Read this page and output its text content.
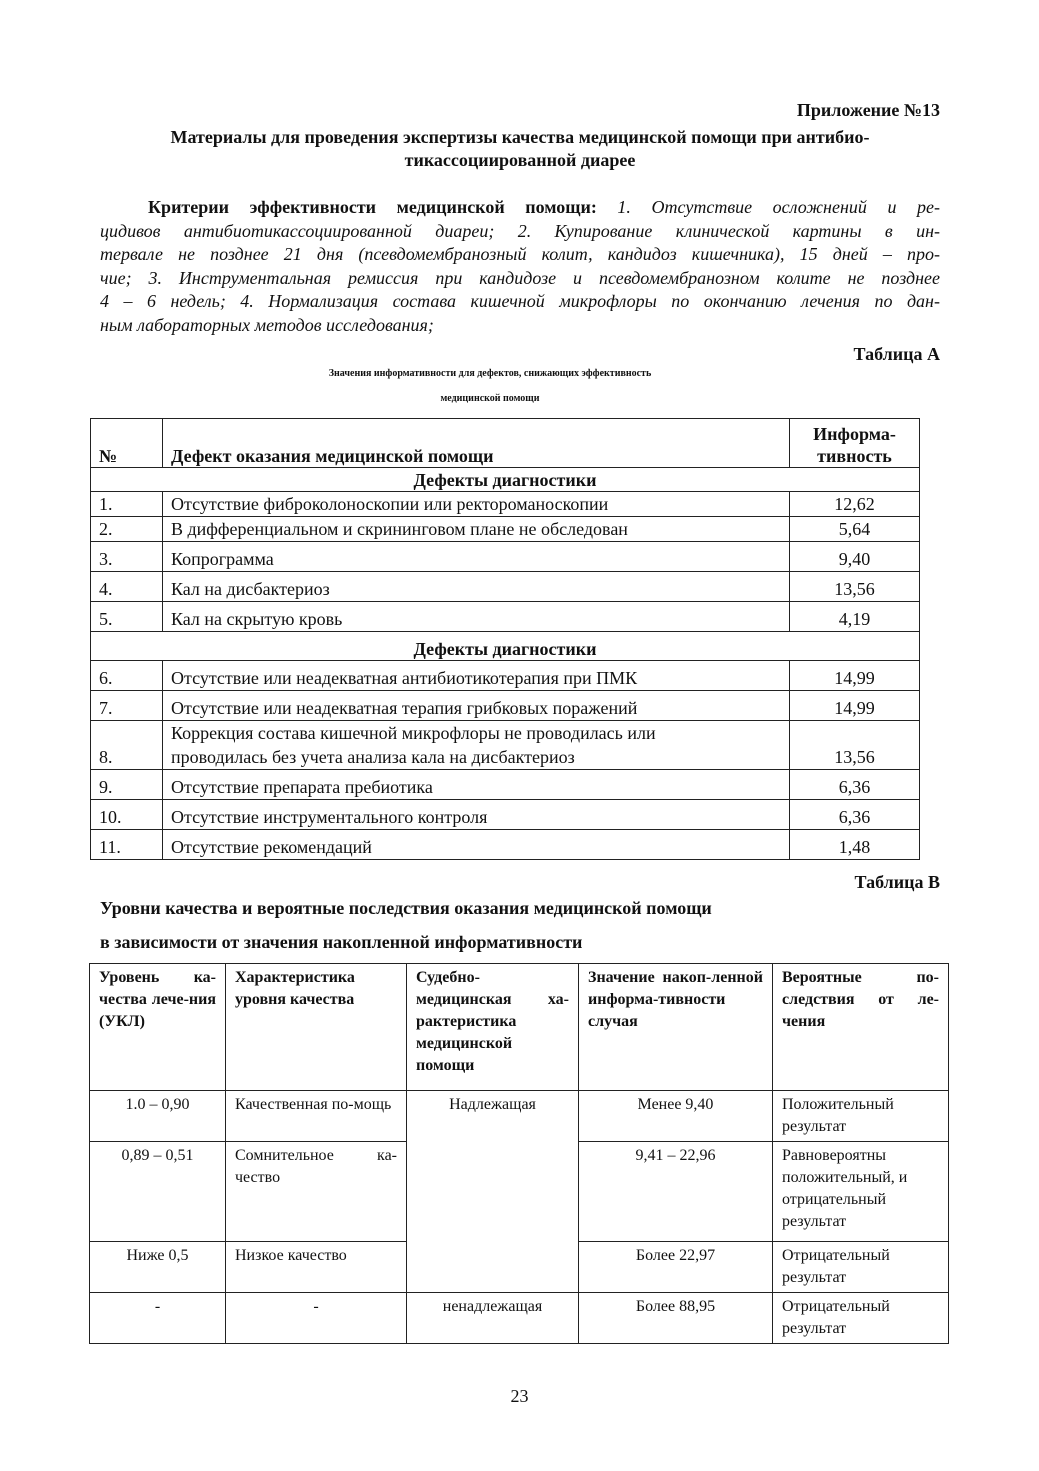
Приложение №13
Материалы для проведения экспертизы качества медицинской помощи при антибио-
тикассоциированной диарее
Критерии эффективности медицинской помощи: 1. Отсутствие осложнений и ре-
цидивов антибиотикассоциированной диареи; 2. Купирование клинической картины в ин-
тервале не позднее 21 дня (псевдомембранозный колит, кандидоз кишечника), 15 дней – про-
чие; 3. Инструментальная ремиссия при кандидозе и псевдомембранозном колите не позднее
4 – 6 недель; 4. Нормализация состава кишечной микрофлоры по окончанию лечения по дан-
ным лабораторных методов исследования;
Таблица А
Значения информативности для дефектов, снижающих эффективность
медицинской помощи
№	Дефект оказания медицинской помощи	Информа-
тивность
Дефекты диагностики		
1.	Отсутствие фиброколоноскопии или ректороманоскопии	12,62
2.	В дифференциальном и скрининговом плане не обследован	5,64
3.	Копрограмма	9,40
4.	Кал на дисбактериоз	13,56
5.	Кал на скрытую кровь	4,19
Дефекты диагностики		
6.	Отсутствие или неадекватная антибиотикотерапия при ПМК	14,99
7.	Отсутствие или неадекватная терапия грибковых поражений	14,99
8.	Коррекция состава кишечной микрофлоры не проводилась или
проводилась без учета анализа кала на дисбактериоз	13,56
9.	Отсутствие препарата пребиотика	6,36
10.	Отсутствие инструментального контроля	6,36
11.	Отсутствие рекомендаций	1,48
Таблица В
Уровни качества и вероятные последствия оказания медицинской помощи
в зависимости от значения накопленной информативности
Уровень ка-чества лече-ния (УКЛ)	Характеристика уровня качества	Судебно-медицинская ха-рактеристика медицинской помощи	Значение накоп-ленной информа-тивности случая	Вероятные по-следствия от ле-чения
1.0 – 0,90	Качественная по-мощь	Надлежащая	Менее 9,40	Положительный результат
0,89 – 0,51	Сомнительное ка-чество		9,41 – 22,96	Равновероятны положительный, и отрицательный результат
Ниже 0,5	Низкое качество		Более 22,97	Отрицательный результат
-	-	ненадлежащая	Более 88,95	Отрицательный результат
23
